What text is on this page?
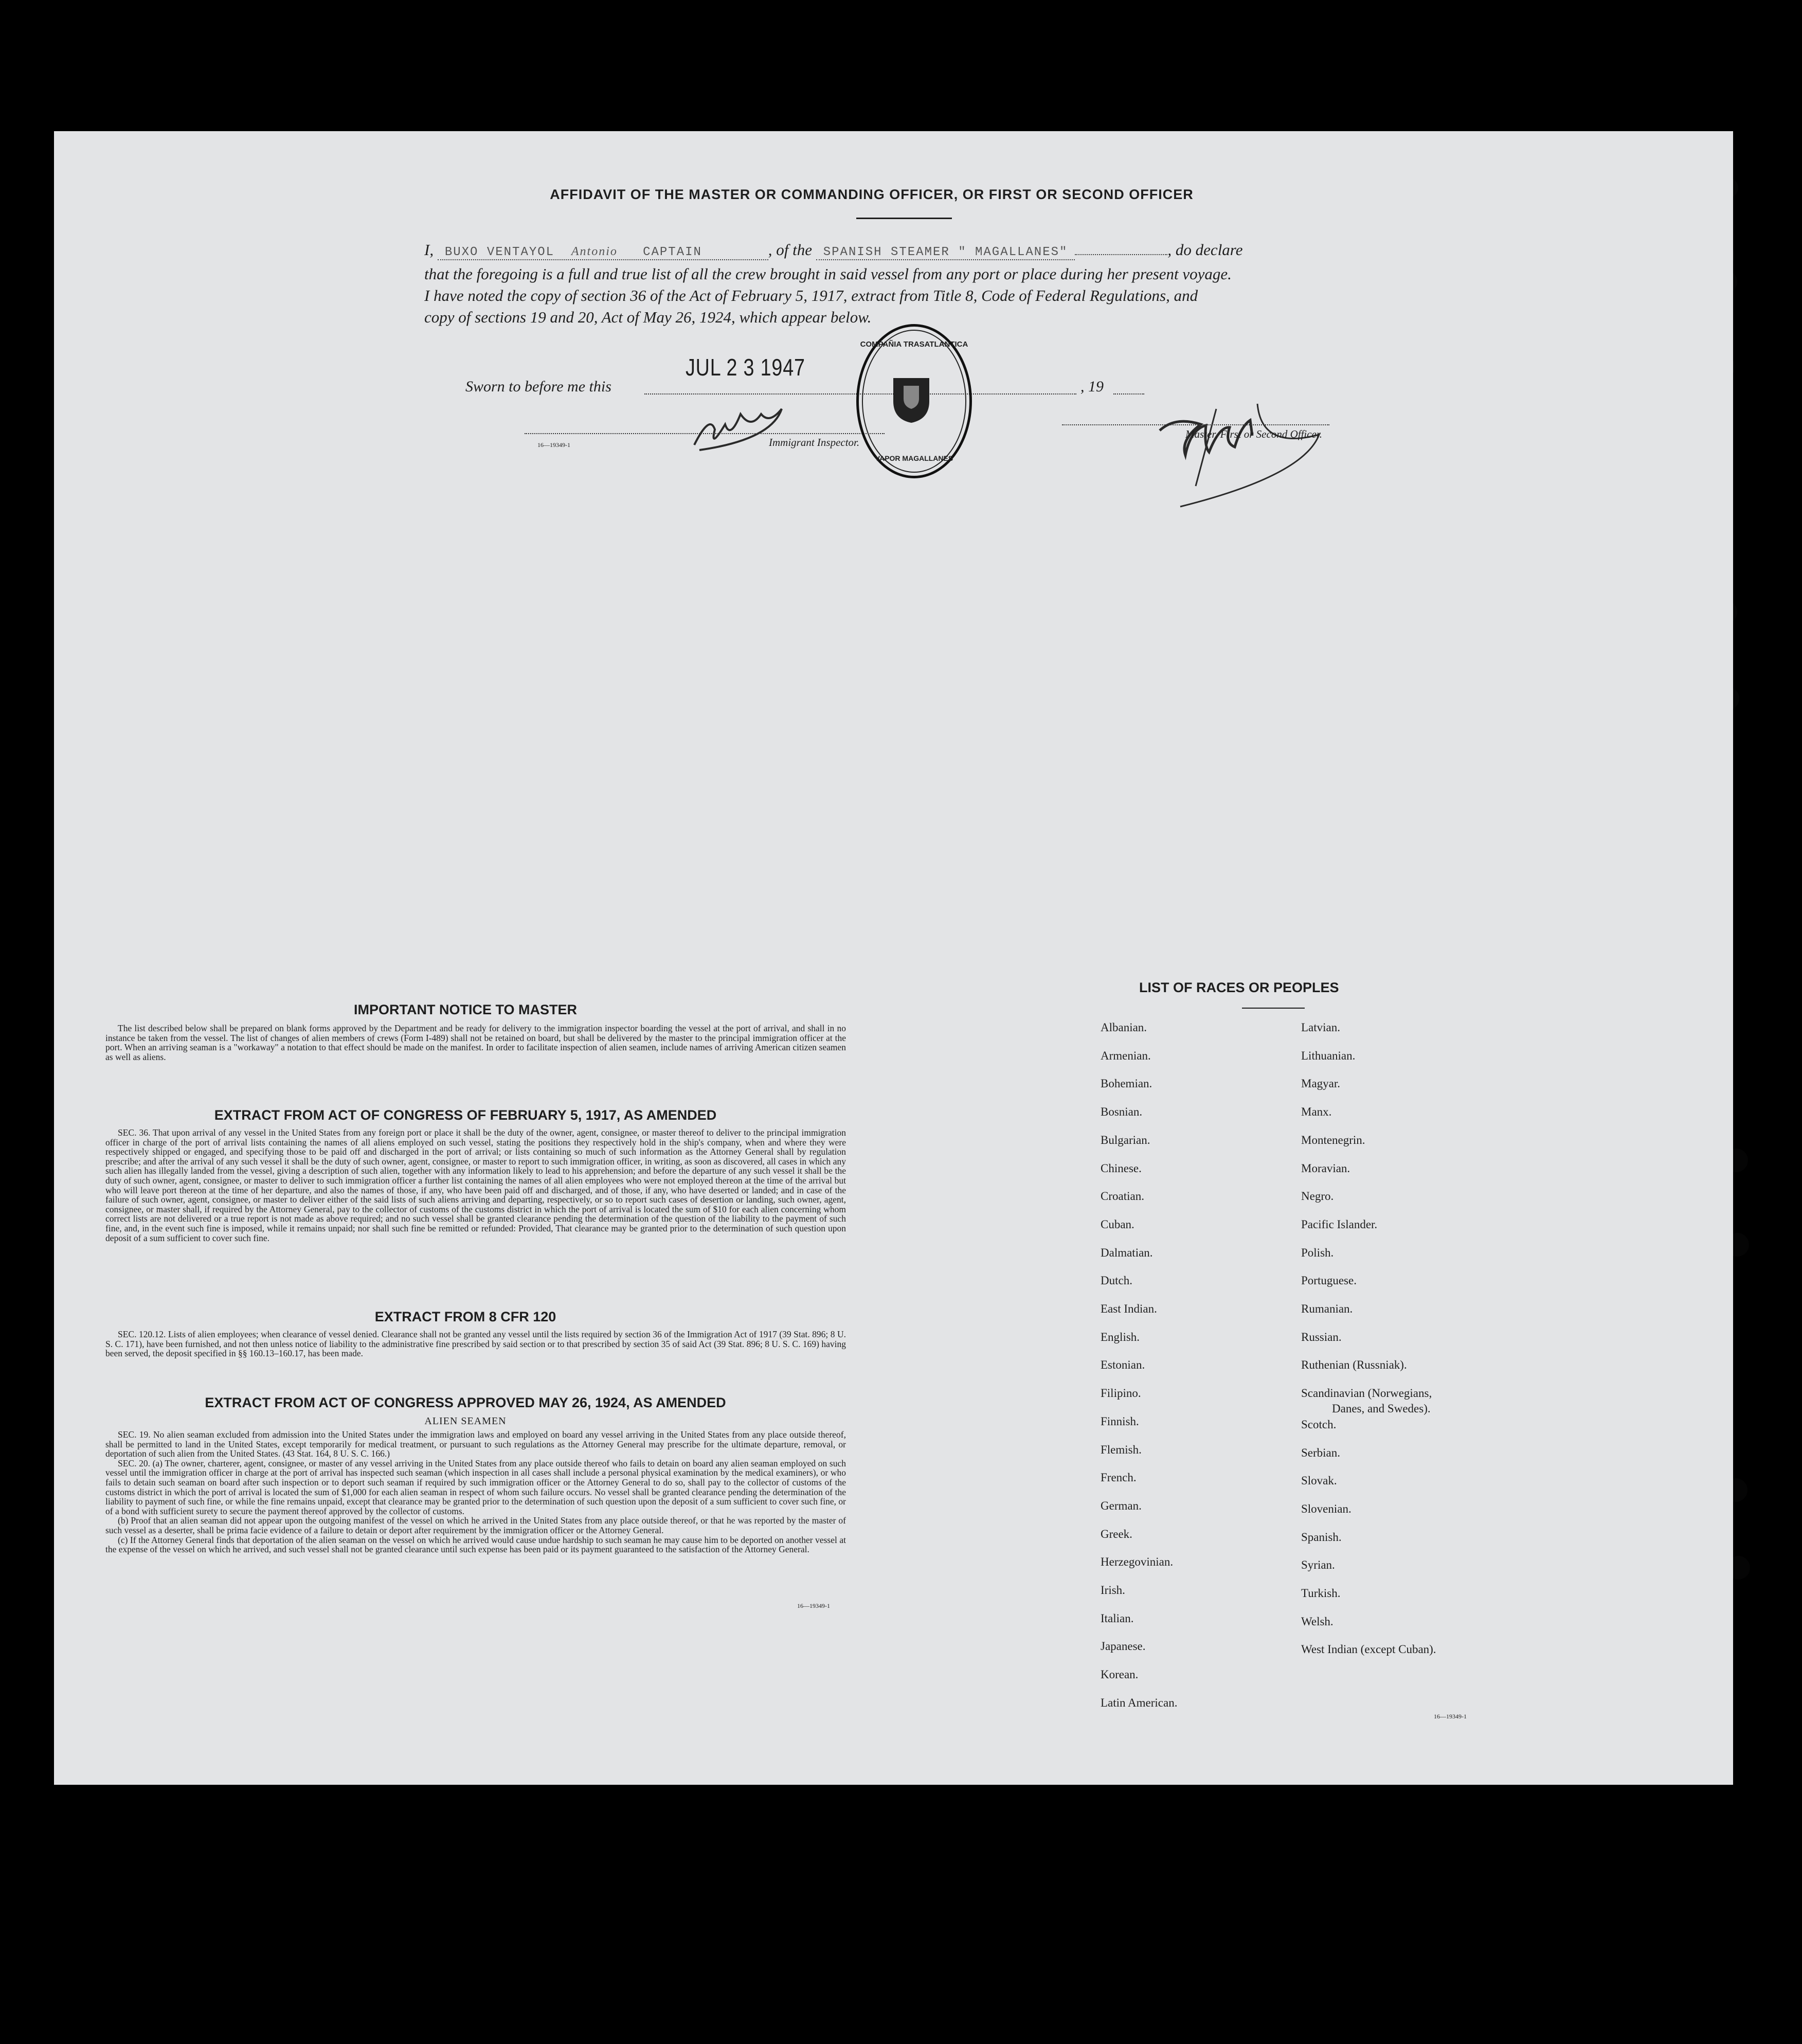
AFFIDAVIT OF THE MASTER OR COMMANDING OFFICER, OR FIRST OR SECOND OFFICER
I, BUXO VENTAYOL Antonio CAPTAIN	, of the SPANISH STEAMER " MAGALLANES"	, do declare
that the foregoing is a full and true list of all the crew brought in said vessel from any port or place during her present voyage.
I have noted the copy of section 36 of the Act of February 5, 1917, extract from Title 8, Code of Federal Regulations, and
copy of sections 19 and 20, Act of May 26, 1924, which appear below.
Master, First or Second Officer.
Sworn to before me this
JUL 2 3 1947
, 19
Immigrant Inspector.
16—19349-1
COMPAÑIA TRASATLANTICA
VAPOR MAGALLANES
IMPORTANT NOTICE TO MASTER

The list described below shall be prepared on blank forms approved by the Department and be ready for delivery to the immigration inspector boarding the vessel at the port of arrival, and shall in no instance be taken from the vessel. The list of changes of alien members of crews (Form I-489) shall not be retained on board, but shall be delivered by the master to the principal immigration officer at the port. When an arriving seaman is a "workaway" a notation to that effect should be made on the manifest. In order to facilitate inspection of alien seamen, include names of arriving American citizen seamen as well as aliens.

EXTRACT FROM ACT OF CONGRESS OF FEBRUARY 5, 1917, AS AMENDED

SEC. 36. That upon arrival of any vessel in the United States from any foreign port or place it shall be the duty of the owner, agent, consignee, or master thereof to deliver to the principal immigration officer in charge of the port of arrival lists containing the names of all aliens employed on such vessel, stating the positions they respectively hold in the ship's company, when and where they were respectively shipped or engaged, and specifying those to be paid off and discharged in the port of arrival; or lists containing so much of such information as the Attorney General shall by regulation prescribe; and after the arrival of any such vessel it shall be the duty of such owner, agent, consignee, or master to report to such immigration officer, in writing, as soon as discovered, all cases in which any such alien has illegally landed from the vessel, giving a description of such alien, together with any information likely to lead to his apprehension; and before the departure of any such vessel it shall be the duty of such owner, agent, consignee, or master to deliver to such immigration officer a further list containing the names of all alien employees who were not employed thereon at the time of the arrival but who will leave port thereon at the time of her departure, and also the names of those, if any, who have been paid off and discharged, and of those, if any, who have deserted or landed; and in case of the failure of such owner, agent, consignee, or master to deliver either of the said lists of such aliens arriving and departing, respectively, or so to report such cases of desertion or landing, such owner, agent, consignee, or master shall, if required by the Attorney General, pay to the collector of customs of the customs district in which the port of arrival is located the sum of $10 for each alien concerning whom correct lists are not delivered or a true report is not made as above required; and no such vessel shall be granted clearance pending the determination of the question of the liability to the payment of such fine, and, in the event such fine is imposed, while it remains unpaid; nor shall such fine be remitted or refunded: Provided, That clearance may be granted prior to the determination of such question upon deposit of a sum sufficient to cover such fine.

EXTRACT FROM 8 CFR 120

SEC. 120.12. Lists of alien employees; when clearance of vessel denied. Clearance shall not be granted any vessel until the lists required by section 36 of the Immigration Act of 1917 (39 Stat. 896; 8 U. S. C. 171), have been furnished, and not then unless notice of liability to the administrative fine prescribed by said section or to that prescribed by section 35 of said Act (39 Stat. 896; 8 U. S. C. 169) having been served, the deposit specified in §§ 160.13–160.17, has been made.

EXTRACT FROM ACT OF CONGRESS APPROVED MAY 26, 1924, AS AMENDED
ALIEN SEAMEN

SEC. 19. No alien seaman excluded from admission into the United States under the immigration laws and employed on board any vessel arriving in the United States from any place outside thereof, shall be permitted to land in the United States, except temporarily for medical treatment, or pursuant to such regulations as the Attorney General may prescribe for the ultimate departure, removal, or deportation of such alien from the United States. (43 Stat. 164, 8 U. S. C. 166.)

SEC. 20. (a) The owner, charterer, agent, consignee, or master of any vessel arriving in the United States from any place outside thereof who fails to detain on board any alien seaman employed on such vessel until the immigration officer in charge at the port of arrival has inspected such seaman (which inspection in all cases shall include a personal physical examination by the medical examiners), or who fails to detain such seaman on board after such inspection or to deport such seaman if required by such immigration officer or the Attorney General to do so, shall pay to the collector of customs of the customs district in which the port of arrival is located the sum of $1,000 for each alien seaman in respect of whom such failure occurs. No vessel shall be granted clearance pending the determination of the liability to payment of such fine, or while the fine remains unpaid, except that clearance may be granted prior to the determination of such question upon the deposit of a sum sufficient to cover such fine, or of a bond with sufficient surety to secure the payment thereof approved by the collector of customs.

(b) Proof that an alien seaman did not appear upon the outgoing manifest of the vessel on which he arrived in the United States from any place outside thereof, or that he was reported by the master of such vessel as a deserter, shall be prima facie evidence of a failure to detain or deport after requirement by the immigration officer or the Attorney General.

(c) If the Attorney General finds that deportation of the alien seaman on the vessel on which he arrived would cause undue hardship to such seaman he may cause him to be deported on another vessel at the expense of the vessel on which he arrived, and such vessel shall not be granted clearance until such expense has been paid or its payment guaranteed to the satisfaction of the Attorney General.

16—19349-1
LIST OF RACES OR PEOPLES
16—19349-1
Albanian.
Armenian.
Bohemian.
Bosnian.
Bulgarian.
Chinese.
Croatian.
Cuban.
Dalmatian.
Dutch.
East Indian.
English.
Estonian.
Filipino.
Finnish.
Flemish.
French.
German.
Greek.
Herzegovinian.
Irish.
Italian.
Japanese.
Korean.
Latin American.
Latvian.
Lithuanian.
Magyar.
Manx.
Montenegrin.
Moravian.
Negro.
Pacific Islander.
Polish.
Portuguese.
Rumanian.
Russian.
Ruthenian (Russniak).
Scandinavian (Norwegians,
Danes, and Swedes).
Scotch.
Serbian.
Slovak.
Slovenian.
Spanish.
Syrian.
Turkish.
Welsh.
West Indian (except Cuban).
